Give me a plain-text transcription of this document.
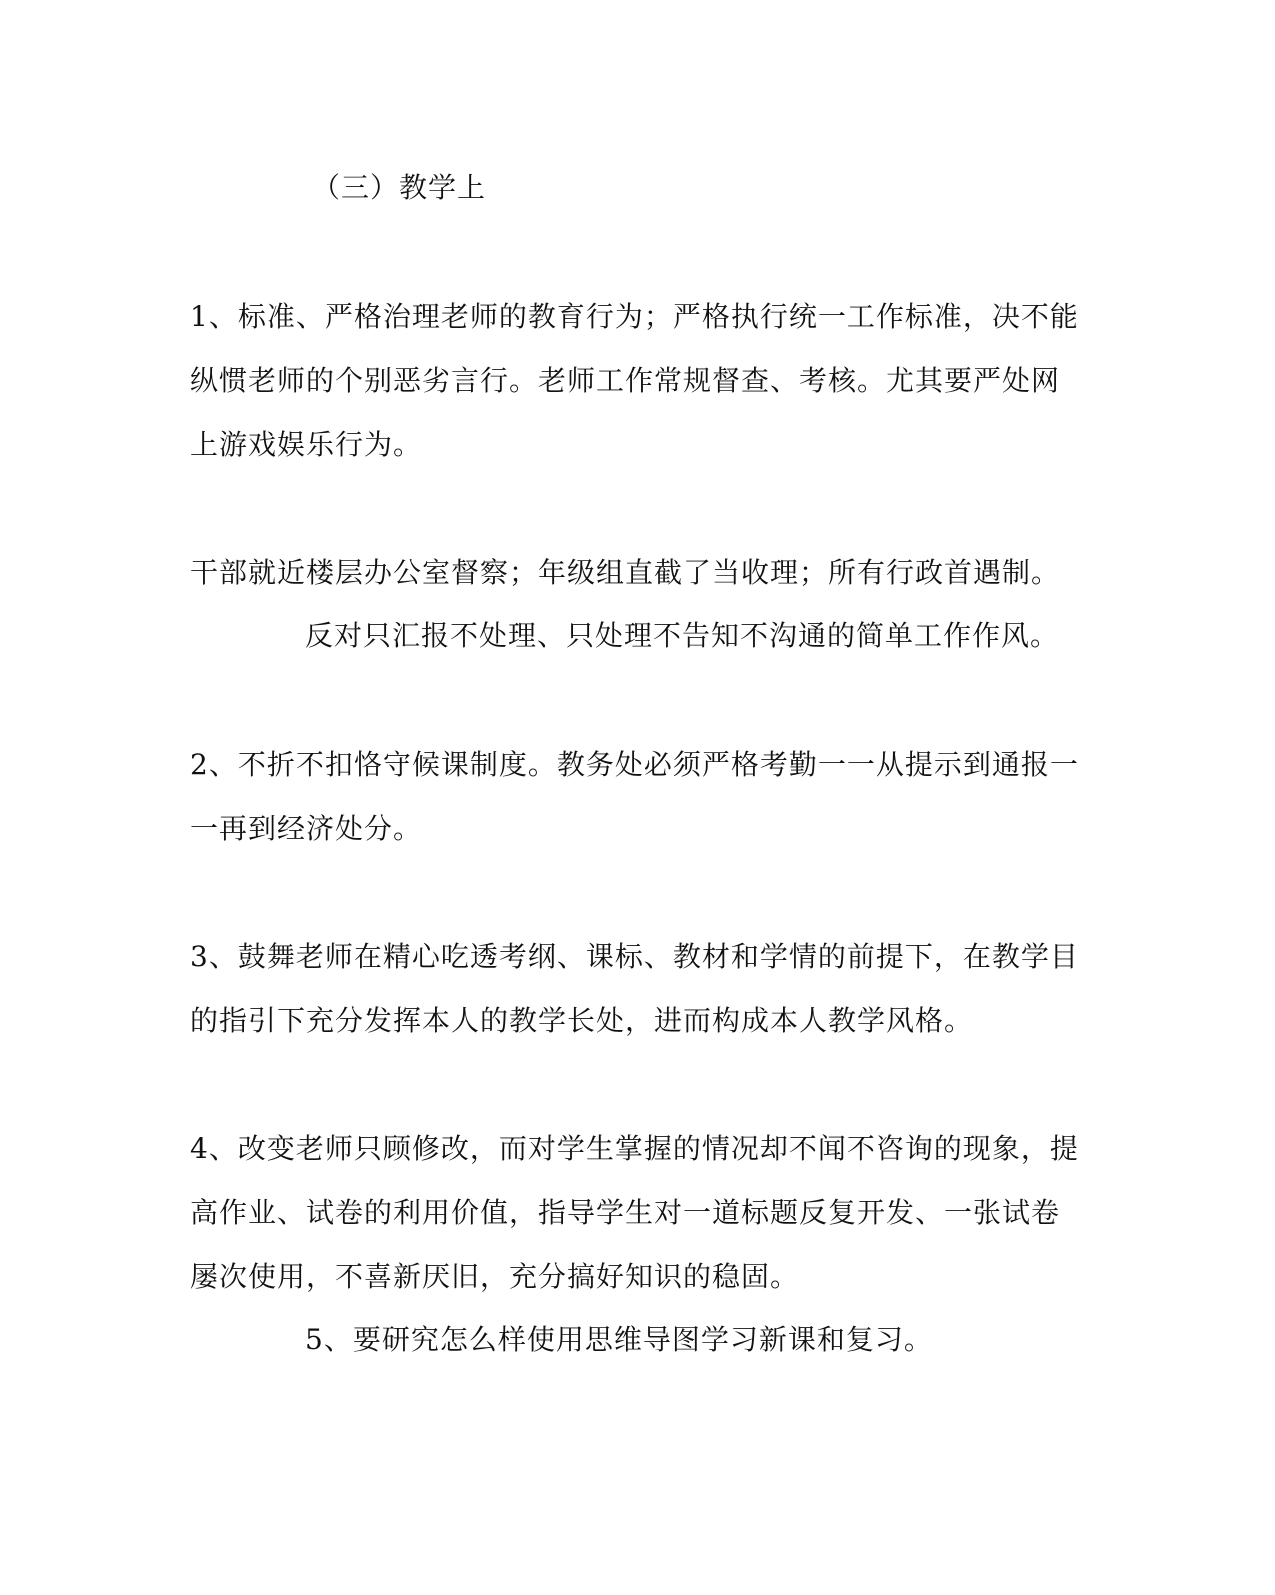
（三）教学上
1、标准、严格治理老师的教育行为；严格执行统一工作标准，决不能
纵惯老师的个别恶劣言行。老师工作常规督查、考核。尤其要严处网
上游戏娱乐行为。
干部就近楼层办公室督察；年级组直截了当收理；所有行政首遇制。
反对只汇报不处理、只处理不告知不沟通的简单工作作风。
2、不折不扣恪守候课制度。教务处必须严格考勤一一从提示到通报一
一再到经济处分。
3、鼓舞老师在精心吃透考纲、课标、教材和学情的前提下，在教学目
的指引下充分发挥本人的教学长处，进而构成本人教学风格。
4、改变老师只顾修改，而对学生掌握的情况却不闻不咨询的现象，提
高作业、试卷的利用价值，指导学生对一道标题反复开发、一张试卷
屡次使用，不喜新厌旧，充分搞好知识的稳固。
5、要研究怎么样使用思维导图学习新课和复习。
